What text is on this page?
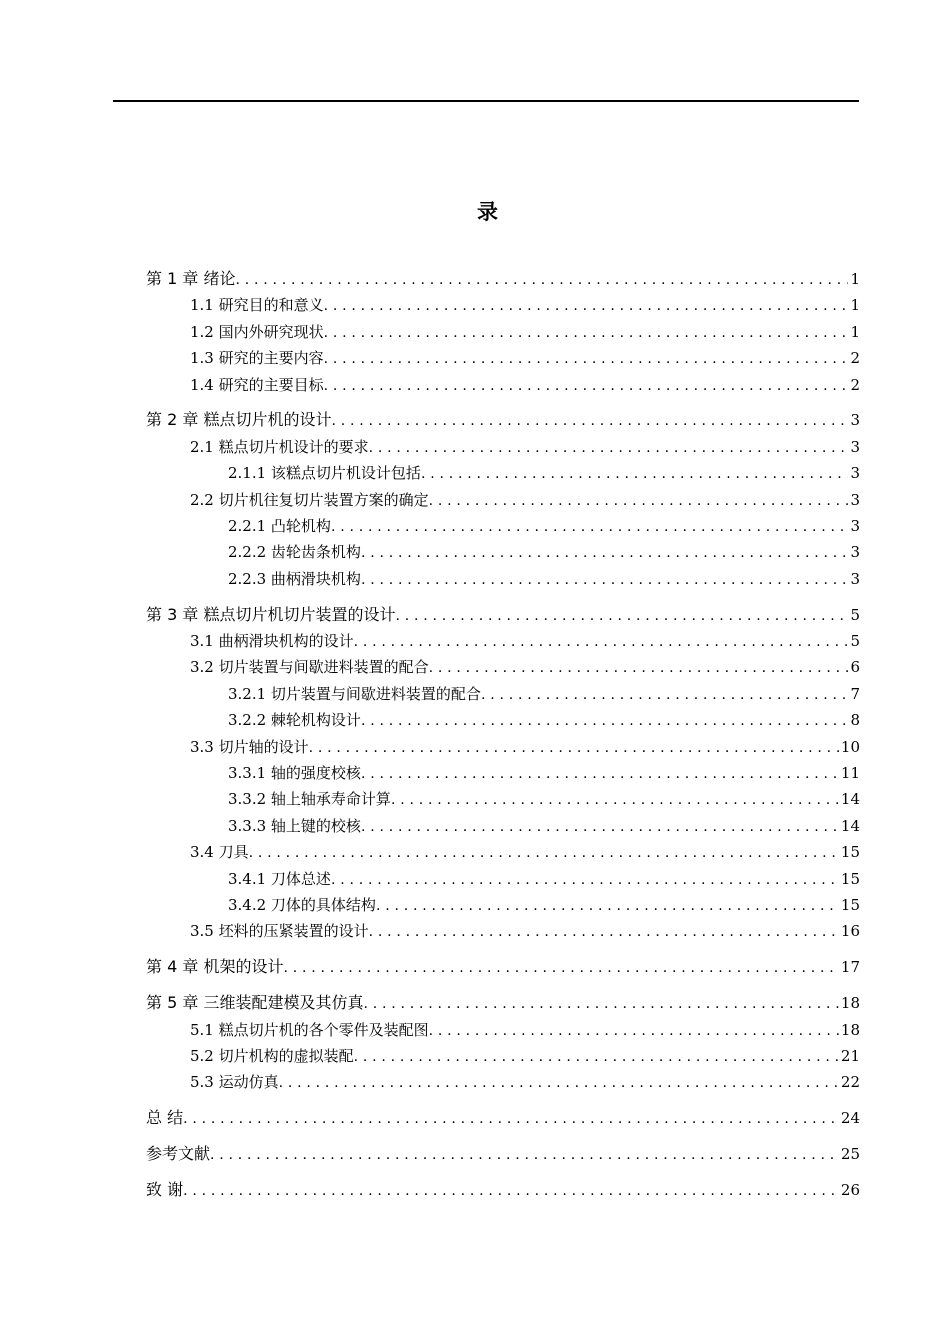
录
第 1 章 绪论 .....	1
1.1 研究目的和意义 .....	1
1.2 国内外研究现状 .....	1
1.3 研究的主要内容 .....	2
1.4 研究的主要目标 .....	2
第 2 章 糕点切片机的设计 .....	3
2.1 糕点切片机设计的要求 .....	3
2.1.1 该糕点切片机设计包括 .....	3
2.2 切片机往复切片装置方案的确定 .....	3
2.2.1 凸轮机构 .....	3
2.2.2 齿轮齿条机构 .....	3
2.2.3 曲柄滑块机构 .....	3
第 3 章 糕点切片机切片装置的设计 .....	5
3.1 曲柄滑块机构的设计 .....	5
3.2 切片装置与间歇进料装置的配合 .....	6
3.2.1 切片装置与间歇进料装置的配合 .....	7
3.2.2 棘轮机构设计 .....	8
3.3 切片轴的设计 .....	10
3.3.1 轴的强度校核 .....	11
3.3.2 轴上轴承寿命计算 .....	14
3.3.3 轴上键的校核 .....	14
3.4 刀具 .....	15
3.4.1 刀体总述 .....	15
3.4.2 刀体的具体结构 .....	15
3.5 坯料的压紧装置的设计 .....	16
第 4 章 机架的设计 .....	17
第 5 章 三维装配建模及其仿真 .....	18
5.1 糕点切片机的各个零件及装配图 .....	18
5.2 切片机构的虚拟装配 .....	21
5.3 运动仿真 .....	22
总 结 .....	24
参考文献 .....	25
致 谢 .....	26
